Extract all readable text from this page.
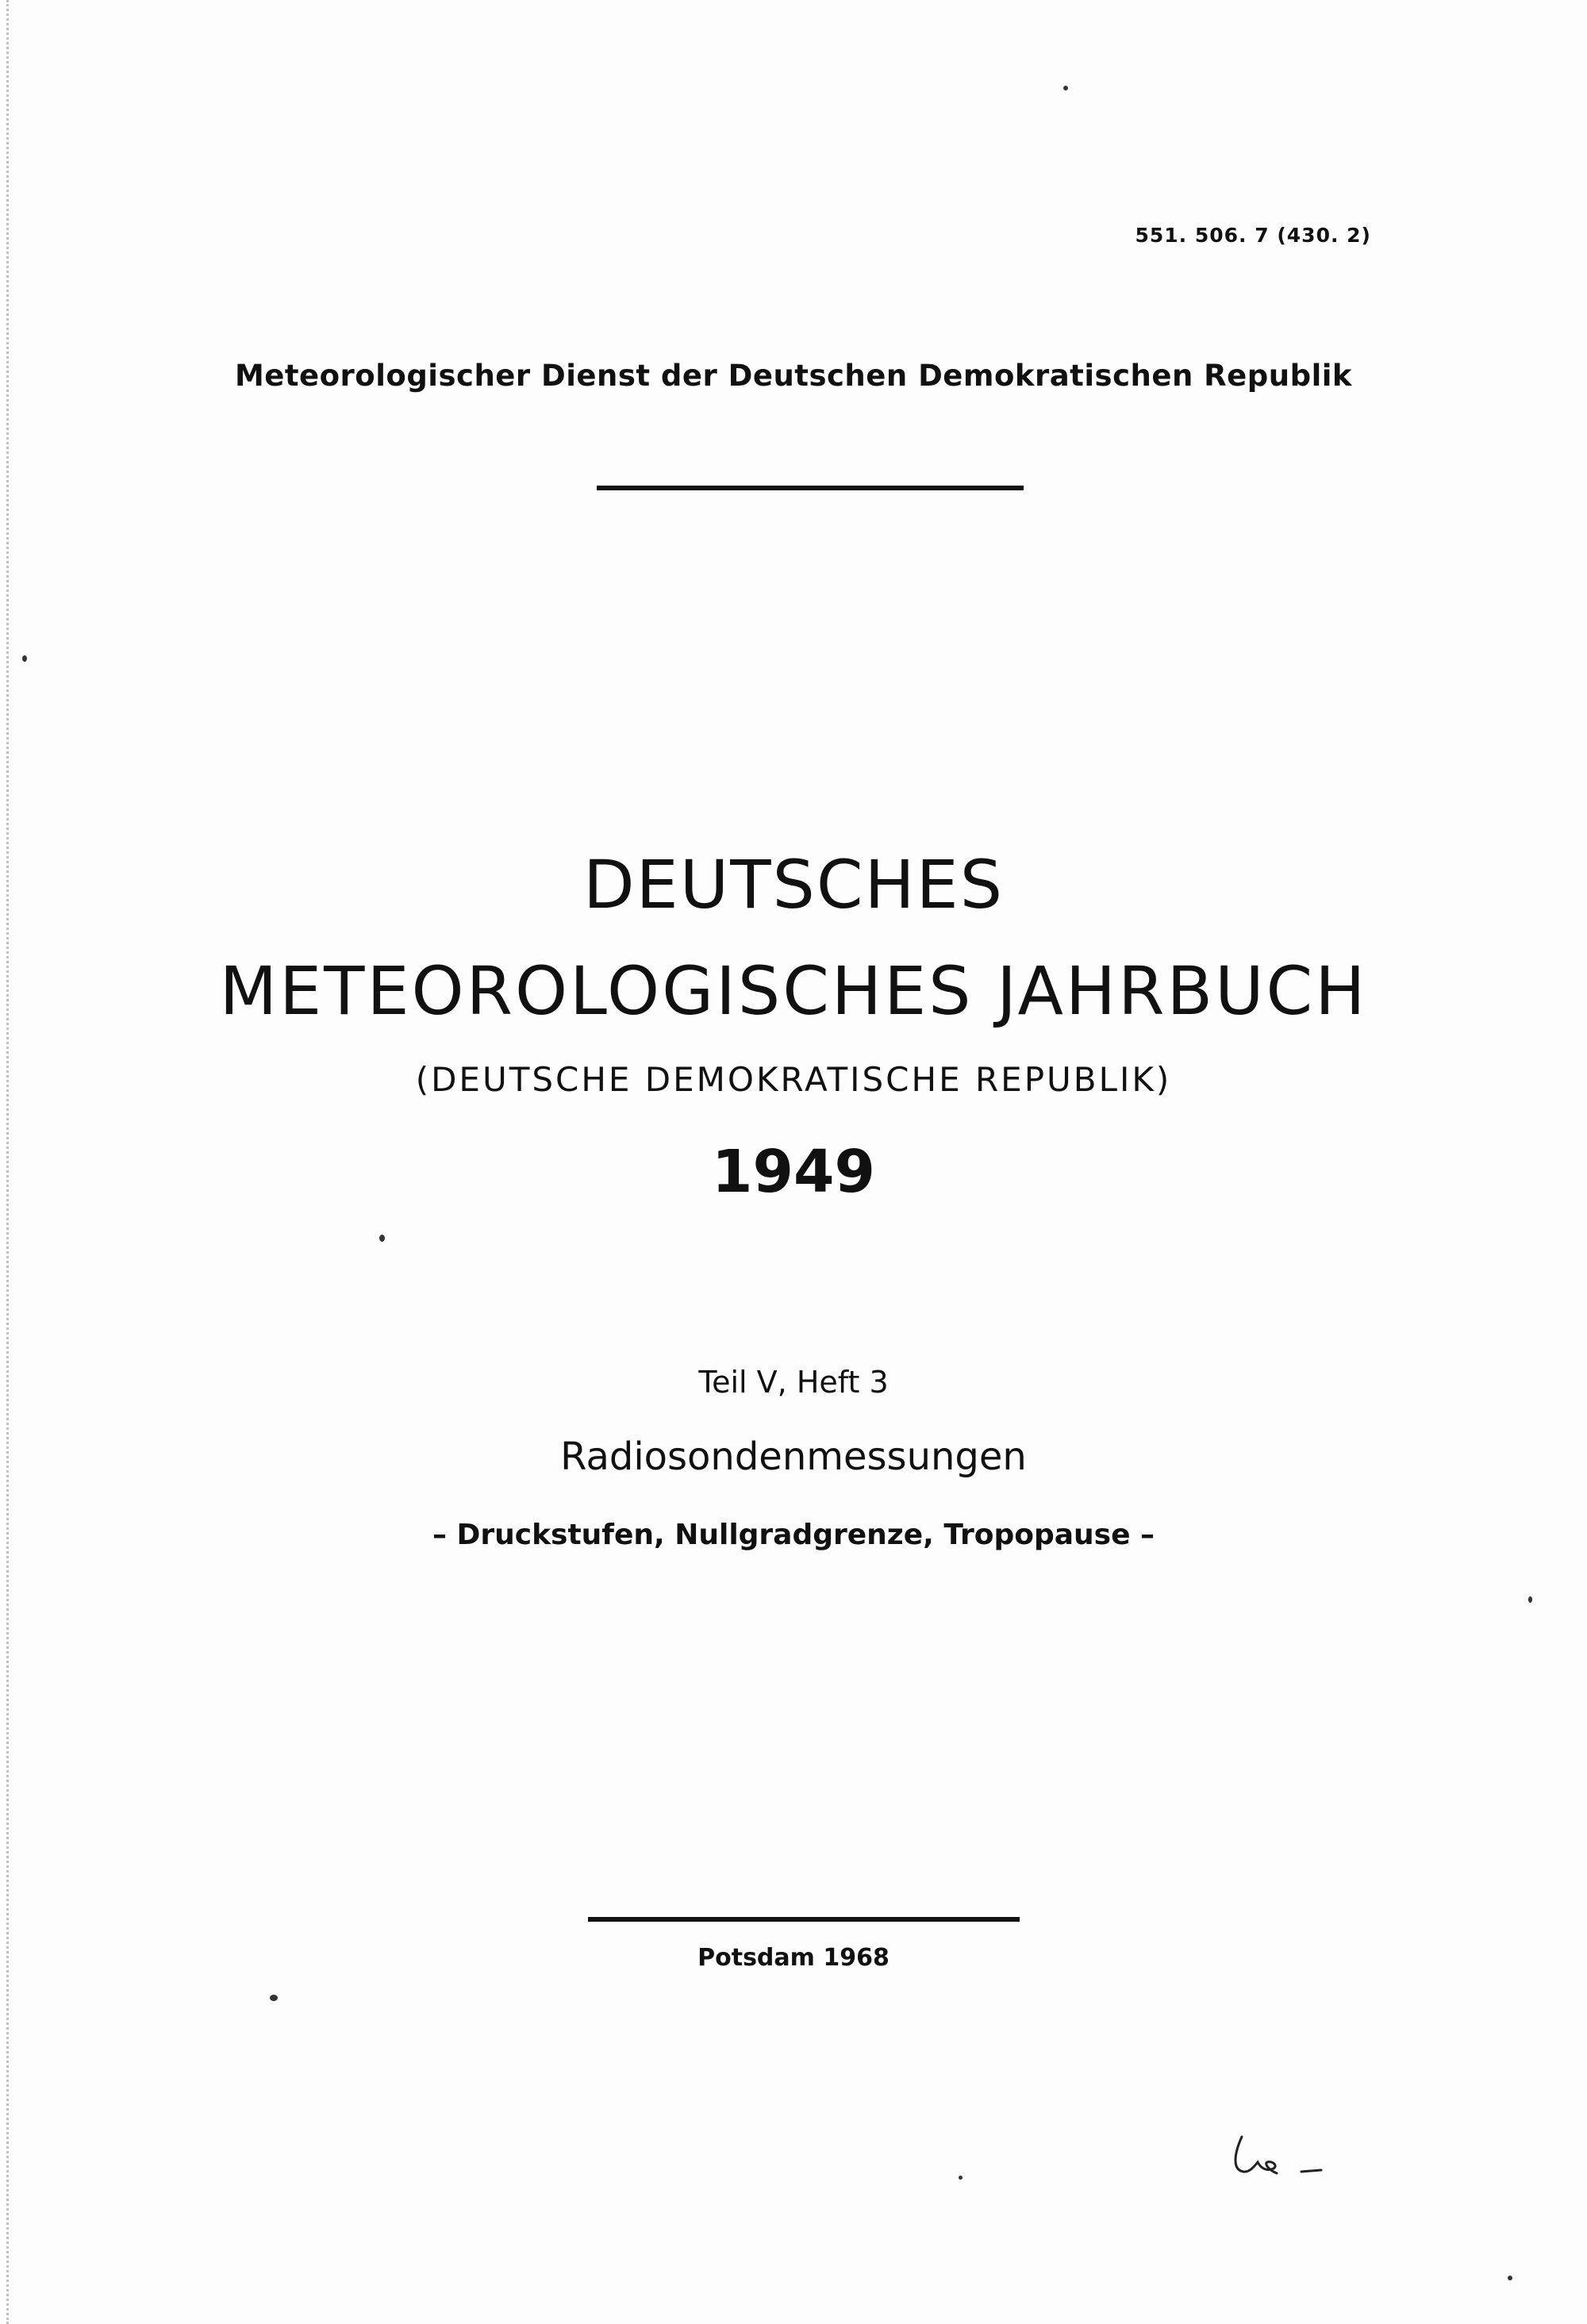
551. 506. 7 (430. 2)
Meteorologischer Dienst der Deutschen Demokratischen Republik
DEUTSCHES
METEOROLOGISCHES JAHRBUCH
(DEUTSCHE DEMOKRATISCHE REPUBLIK)
1949
Teil V, Heft 3
Radiosondenmessungen
– Druckstufen, Nullgradgrenze, Tropopause –
Potsdam 1968
